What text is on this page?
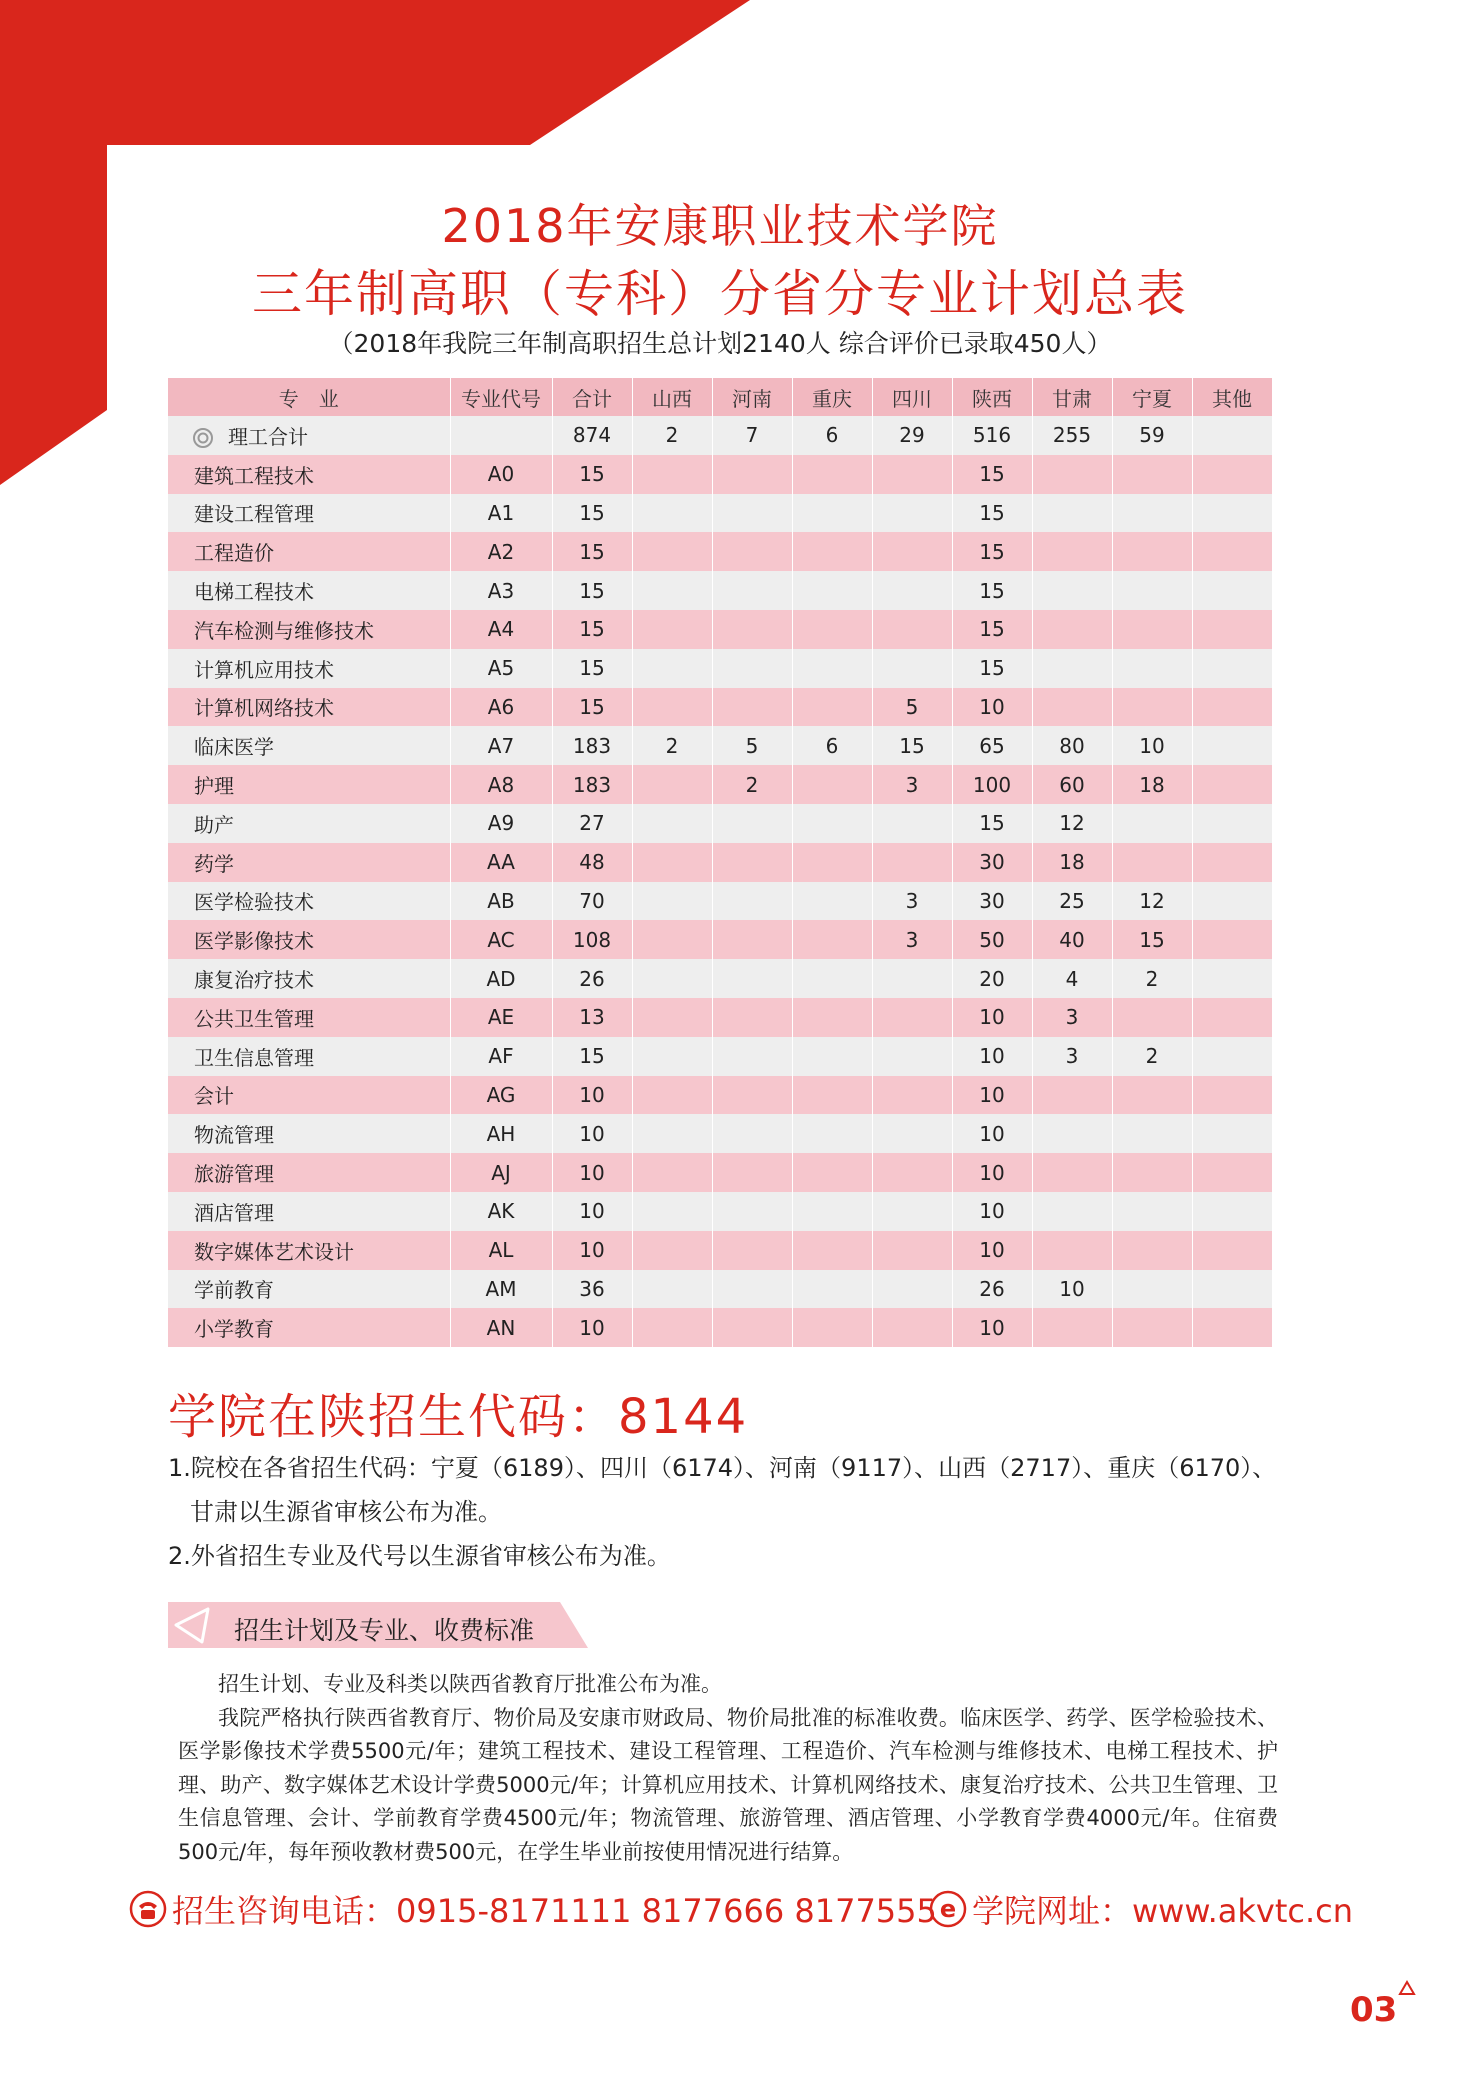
2018年安康职业技术学院
三年制高职（专科）分省分专业计划总表
（2018年我院三年制高职招生总计划2140人 综合评价已录取450人）
专　业	专业代号	合计	山西	河南	重庆	四川	陕西	甘肃	宁夏	其他
理工合计		874	2	7	6	29	516	255	59	
建筑工程技术	A0	15					15			
建设工程管理	A1	15					15			
工程造价	A2	15					15			
电梯工程技术	A3	15					15			
汽车检测与维修技术	A4	15					15			
计算机应用技术	A5	15					15			
计算机网络技术	A6	15				5	10			
临床医学	A7	183	2	5	6	15	65	80	10	
护理	A8	183		2		3	100	60	18	
助产	A9	27					15	12		
药学	AA	48					30	18		
医学检验技术	AB	70				3	30	25	12	
医学影像技术	AC	108				3	50	40	15	
康复治疗技术	AD	26					20	4	2	
公共卫生管理	AE	13					10	3		
卫生信息管理	AF	15					10	3	2	
会计	AG	10					10			
物流管理	AH	10					10			
旅游管理	AJ	10					10			
酒店管理	AK	10					10			
数字媒体艺术设计	AL	10					10			
学前教育	AM	36					26	10		
小学教育	AN	10					10			
学院在陕招生代码：8144
1.院校在各省招生代码：宁夏（6189）、四川（6174）、河南（9117）、山西（2717）、重庆（6170）、
甘肃以生源省审核公布为准。
2.外省招生专业及代号以生源省审核公布为准。
招生计划及专业、收费标准

招生计划、专业及科类以陕西省教育厅批准公布为准。

我院严格执行陕西省教育厅、物价局及安康市财政局、物价局批准的标准收费。临床医学、药学、医学检验技术、医学影像技术学费5500元/年；建筑工程技术、建设工程管理、工程造价、汽车检测与维修技术、电梯工程技术、护理、助产、数字媒体艺术设计学费5000元/年；计算机应用技术、计算机网络技术、康复治疗技术、公共卫生管理、卫生信息管理、会计、学前教育学费4500元/年；物流管理、旅游管理、酒店管理、小学教育学费4000元/年。住宿费500元/年，每年预收教材费500元，在学生毕业前按使用情况进行结算。

招生咨询电话：0915-8171111 8177666 8177555 e 学院网址：www.akvtc.cn
03
